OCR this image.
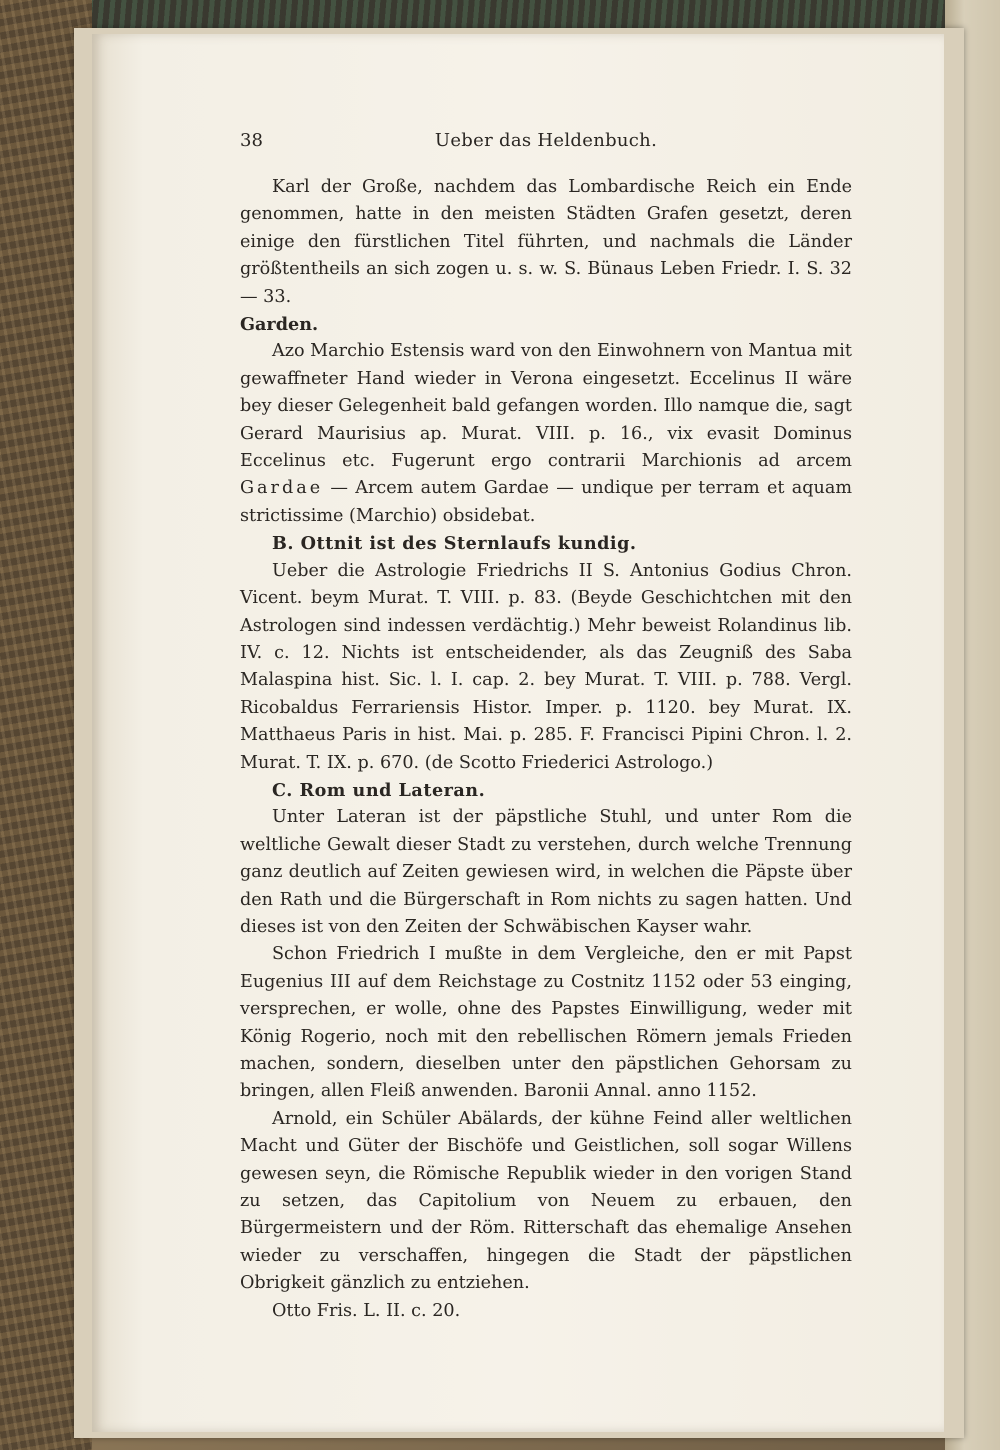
38	Ueber das Heldenbuch.

Karl der Große, nachdem das Lombardische Reich ein Ende genommen, hatte in den meisten Städten Grafen gesetzt, deren einige den fürstlichen Titel führten, und nachmals die Länder größtentheils an sich zogen u. s. w. S. Bünaus Leben Friedr. I. S. 32 — 33.

Garden.

Azo Marchio Estensis ward von den Einwohnern von Mantua mit gewaffneter Hand wieder in Verona eingesetzt. Eccelinus II wäre bey dieser Gelegenheit bald gefangen worden. Illo namque die, sagt Gerard Maurisius ap. Murat. VIII. p. 16., vix evasit Dominus Eccelinus etc. Fugerunt ergo contrarii Marchionis ad arcem Gardae — Arcem autem Gardae — undique per terram et aquam strictissime (Marchio) obsidebat.

B. Ottnit ist des Sternlaufs kundig.

Ueber die Astrologie Friedrichs II S. Antonius Godius Chron. Vicent. beym Murat. T. VIII. p. 83. (Beyde Geschichtchen mit den Astrologen sind indessen verdächtig.) Mehr beweist Rolandinus lib. IV. c. 12. Nichts ist entscheidender, als das Zeugniß des Saba Malaspina hist. Sic. l. I. cap. 2. bey Murat. T. VIII. p. 788. Vergl. Ricobaldus Ferrariensis Histor. Imper. p. 1120. bey Murat. IX. Matthaeus Paris in hist. Mai. p. 285. F. Francisci Pipini Chron. l. 2. Murat. T. IX. p. 670. (de Scotto Friederici Astrologo.)

C. Rom und Lateran.

Unter Lateran ist der päpstliche Stuhl, und unter Rom die weltliche Gewalt dieser Stadt zu verstehen, durch welche Trennung ganz deutlich auf Zeiten gewiesen wird, in welchen die Päpste über den Rath und die Bürgerschaft in Rom nichts zu sagen hatten. Und dieses ist von den Zeiten der Schwäbischen Kayser wahr.

Schon Friedrich I mußte in dem Vergleiche, den er mit Papst Eugenius III auf dem Reichstage zu Costnitz 1152 oder 53 einging, versprechen, er wolle, ohne des Papstes Einwilligung, weder mit König Rogerio, noch mit den rebellischen Römern jemals Frieden machen, sondern, dieselben unter den päpstlichen Gehorsam zu bringen, allen Fleiß anwenden. Baronii Annal. anno 1152.

Arnold, ein Schüler Abälards, der kühne Feind aller weltlichen Macht und Güter der Bischöfe und Geistlichen, soll sogar Willens gewesen seyn, die Römische Republik wieder in den vorigen Stand zu setzen, das Capitolium von Neuem zu erbauen, den Bürgermeistern und der Röm. Ritterschaft das ehemalige Ansehen wieder zu verschaffen, hingegen die Stadt der päpstlichen Obrigkeit gänzlich zu entziehen.

Otto Fris. L. II. c. 20.
